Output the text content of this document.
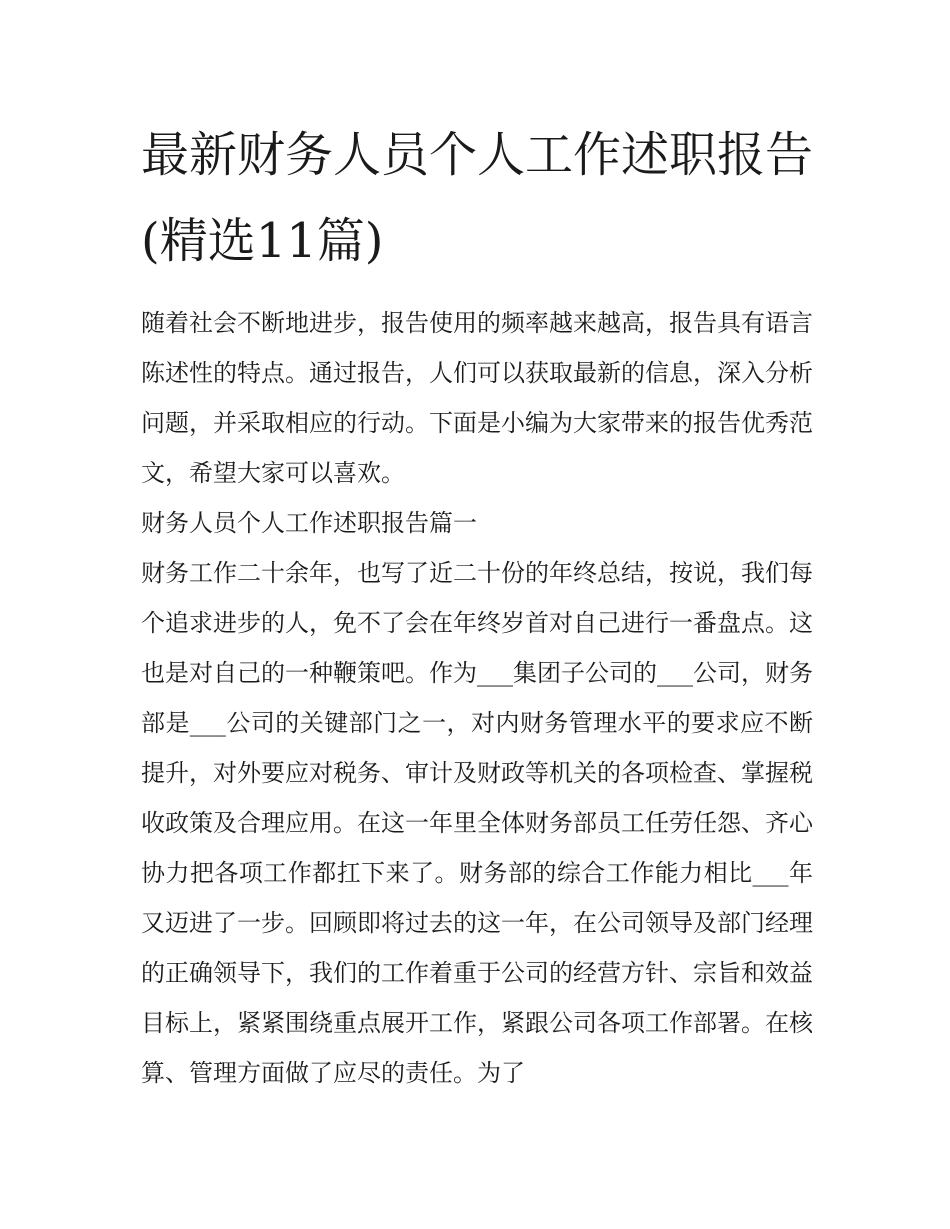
最新财务人员个人工作述职报告(精选11篇)

随着社会不断地进步，报告使用的频率越来越高，报告具有语言陈述性的特点。通过报告，人们可以获取最新的信息，深入分析问题，并采取相应的行动。下面是小编为大家带来的报告优秀范文，希望大家可以喜欢。

财务人员个人工作述职报告篇一

财务工作二十余年，也写了近二十份的年终总结，按说，我们每个追求进步的人，免不了会在年终岁首对自己进行一番盘点。这也是对自己的一种鞭策吧。作为___集团子公司的___公司，财务部是___公司的关键部门之一，对内财务管理水平的要求应不断提升，对外要应对税务、审计及财政等机关的各项检查、掌握税收政策及合理应用。在这一年里全体财务部员工任劳任怨、齐心协力把各项工作都扛下来了。财务部的综合工作能力相比___年又迈进了一步。回顾即将过去的这一年，在公司领导及部门经理的正确领导下，我们的工作着重于公司的经营方针、宗旨和效益目标上，紧紧围绕重点展开工作，紧跟公司各项工作部署。在核算、管理方面做了应尽的责任。为了
